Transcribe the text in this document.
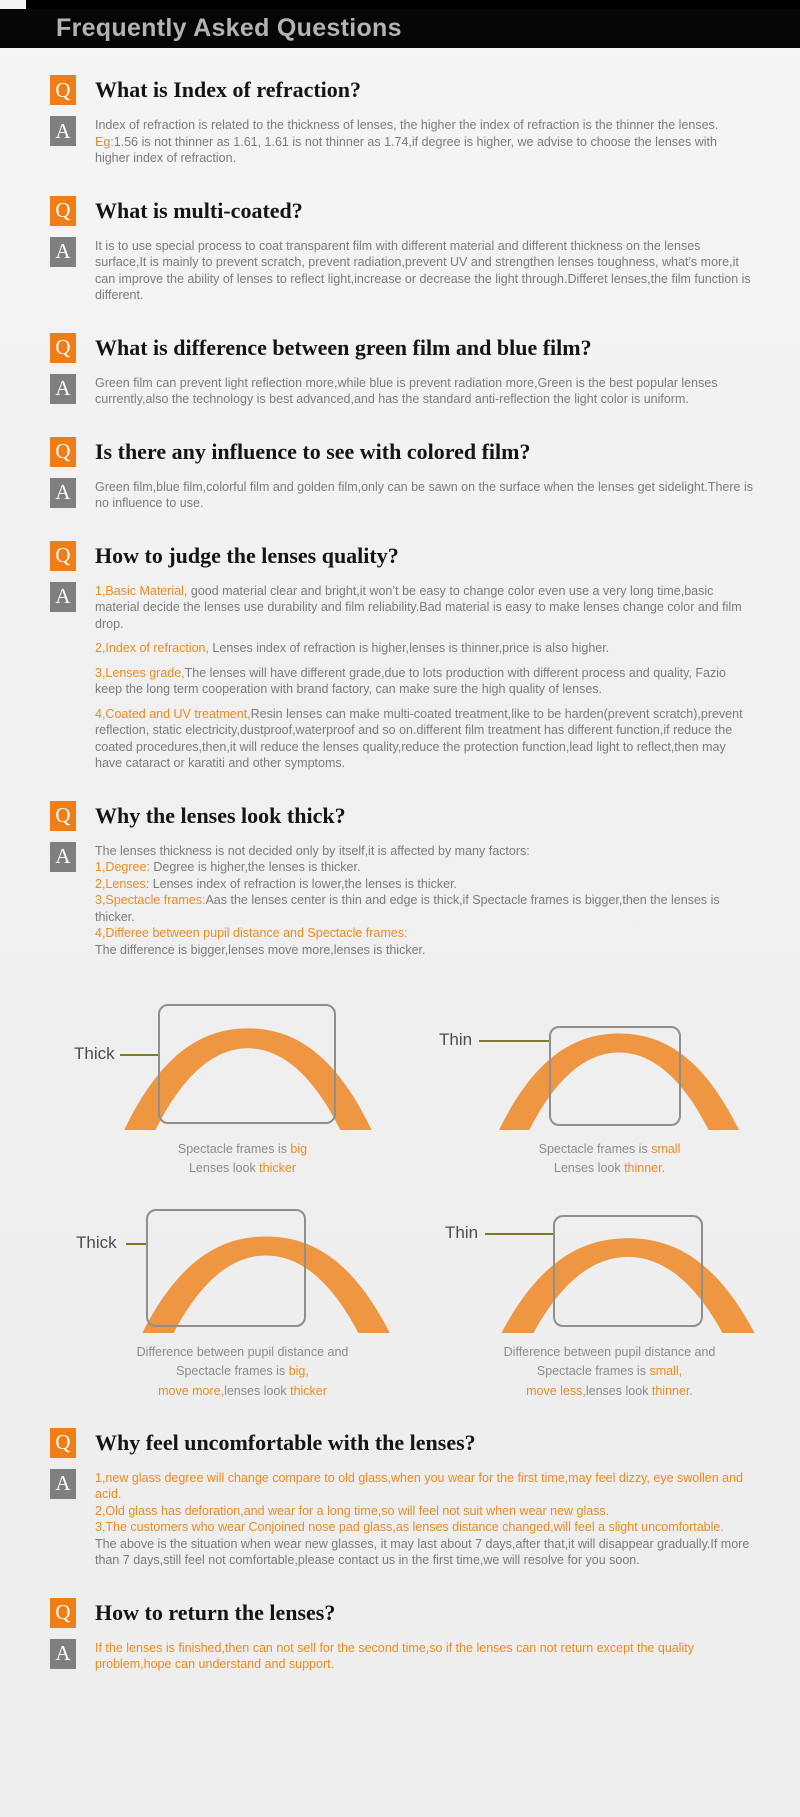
Frequently Asked Questions
Q What is Index of refraction?
A	Index of refraction is related to the thickness of lenses, the higher the index of refraction is the thinner the lenses.

Eg:1.56 is not thinner as 1.61, 1.61 is not thinner as 1.74,if degree is higher, we advise to choose the lenses with higher index of refraction.

Q What is multi-coated?
A	It is to use special process to coat transparent film with different material and different thickness on the lenses surface,It is mainly to prevent scratch, prevent radiation,prevent UV and strengthen lenses toughness, what’s more,it can improve the ability of lenses to reflect light,increase or decrease the light through.Differet lenses,the film function is different.

Q What is difference between green film and blue film?
A	Green film can prevent light reflection more,while blue is prevent radiation more,Green is the best popular lenses currently,also the technology is best advanced,and has the standard anti-reflection the light color is uniform.

Q Is there any influence to see with colored film?
A	Green film,blue film,colorful film and golden film,only can be sawn on the surface when the lenses get sidelight.There is no influence to use.

Q How to judge the lenses quality?
A	1,Basic Material, good material clear and bright,it won’t be easy to change color even use a very long time,basic material decide the lenses use durability and film reliability.Bad material is easy to make lenses change color and film drop.

2,Index of refraction, Lenses index of refraction is higher,lenses is thinner,price is also higher.

3,Lenses grade,The lenses will have different grade,due to lots production with different process and quality, Fazio keep the long term cooperation with brand factory, can make sure the high quality of lenses.

4,Coated and UV treatment,Resin lenses can make multi-coated treatment,like to be harden(prevent scratch),prevent reflection, static electricity,dustproof,waterproof and so on.different film treatment has different function,if reduce the coated procedures,then,it will reduce the lenses quality,reduce the protection function,lead light to reflect,then may have cataract or karatiti and other symptoms.

Q Why the lenses look thick?
A	The lenses thickness is not decided only by itself,it is affected by many factors:

1,Degree: Degree is higher,the lenses is thicker.

2,Lenses: Lenses index of refraction is lower,the lenses is thicker.

3,Spectacle frames:Aas the lenses center is thin and edge is thick,if Spectacle frames is bigger,then the lenses is thicker.

4,Differee between pupil distance and Spectacle frames:

The difference is bigger,lenses move more,lenses is thicker.

Thick
Spectacle frames is big
Lenses look thicker
Thin
Spectacle frames is small
Lenses look thinner.
Thick
Difference between pupil distance and
Spectacle frames is big,
move more,lenses look thicker
Thin
Difference between pupil distance and
Spectacle frames is small,
move less,lenses look thinner.
Q Why feel uncomfortable with the lenses?
A	1,new glass degree will change compare to old glass,when you wear for the first time,may feel dizzy, eye swollen and acid.

2,Old glass has deforation,and wear for a long time,so will feel not suit when wear new glass.

3,The customers who wear Conjoined nose pad glass,as lenses distance changed,will feel a slight uncomfortable.

The above is the situation when wear new glasses, it may last about 7 days,after that,it will disappear gradually.If more than 7 days,still feel not comfortable,please contact us in the first time,we will resolve for you soon.

Q How to return the lenses?
A	If the lenses is finished,then can not sell for the second time,so if the lenses can not return except the quality problem,hope can understand and support.
